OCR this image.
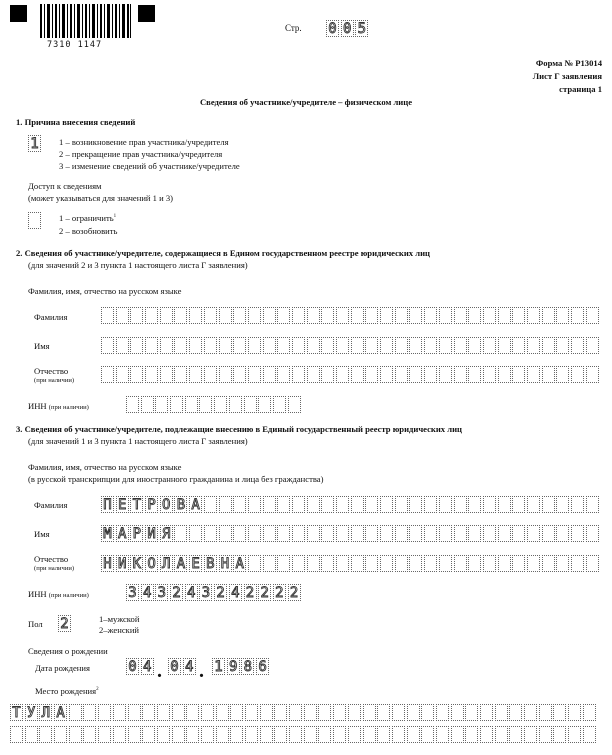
7310 1147
Стр. 0 0 5
Форма № Р13014
Лист Г заявления
страница 1
Сведения об участнике/учредителе – физическом лице
1. Причина внесения сведений
1 1 – возникновение прав участника/учредителя
2 – прекращение прав участника/учредителя
3 – изменение сведений об участнике/учредителе
Доступ к сведениям
(может указываться для значений 1 и 3)
1 – ограничить$^1$
2 – возобновить
2. Сведения об участнике/учредителе, содержащиеся в Едином государственном реестре юридических лиц
(для значений 2 и 3 пункта 1 настоящего листа Г заявления)
Фамилия, имя, отчество на русском языке
Фамилия
Имя
Отчество
(при наличии)
ИНН (при наличии)
3. Сведения об участнике/учредителе, подлежащие внесению в Единый государственный реестр юридических лиц
(для значений 1 и 3 пункта 1 настоящего листа Г заявления)
Фамилия, имя, отчество на русском языке
(в русской транскрипции для иностранного гражданина и лица без гражданства)
Фамилия	П Е Т Р О В А
Имя	М А Р И Я
Отчество
(при наличии) Н И К О Л А Е В Н А
ИНН (при наличии)	3 4 3 2 4 3 2 4 2 2 2 2
Пол 2	1–мужской
2–женский
Сведения о рождении
Дата рождения	0 4 . 0 4 . 1 9 8 6
Место рождения$^2$
Т У Л А
